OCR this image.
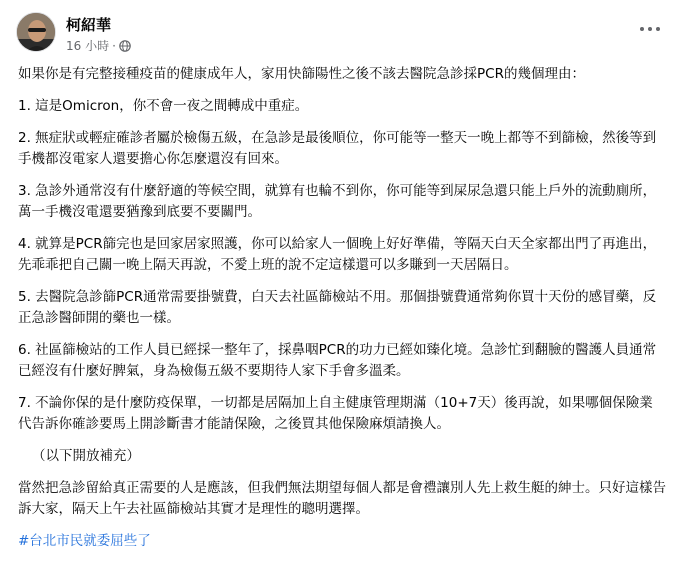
柯紹華
16 小時 ·

如果你是有完整接種疫苗的健康成年人，家用快篩陽性之後不該去醫院急診採PCR的幾個理由：

1. 這是Omicron，你不會一夜之間轉成中重症。

2. 無症狀或輕症確診者屬於檢傷五級，在急診是最後順位，你可能等一整天一晚上都等不到篩檢，然後等到手機都沒電家人還要擔心你怎麼還沒有回來。

3. 急診外通常沒有什麼舒適的等候空間，就算有也輪不到你，你可能等到屎尿急還只能上戶外的流動廁所，萬一手機沒電還要猶豫到底要不要關門。

4. 就算是PCR篩完也是回家居家照護，你可以給家人一個晚上好好準備，等隔天白天全家都出門了再進出，先乖乖把自己關一晚上隔天再說，不愛上班的說不定這樣還可以多賺到一天居隔日。

5. 去醫院急診篩PCR通常需要掛號費，白天去社區篩檢站不用。那個掛號費通常夠你買十天份的感冒藥，反正急診醫師開的藥也一樣。

6. 社區篩檢站的工作人員已經採一整年了，採鼻咽PCR的功力已經如臻化境。急診忙到翻臉的醫護人員通常已經沒有什麼好脾氣，身為檢傷五級不要期待人家下手會多溫柔。

7. 不論你保的是什麼防疫保單，一切都是居隔加上自主健康管理期滿（10+7天）後再說，如果哪個保險業代告訴你確診要馬上開診斷書才能請保險，之後買其他保險麻煩請換人。

（以下開放補充）

當然把急診留給真正需要的人是應該，但我們無法期望每個人都是會禮讓別人先上救生艇的紳士。只好這樣告訴大家，隔天上午去社區篩檢站其實才是理性的聰明選擇。

#台北市民就委屈些了
